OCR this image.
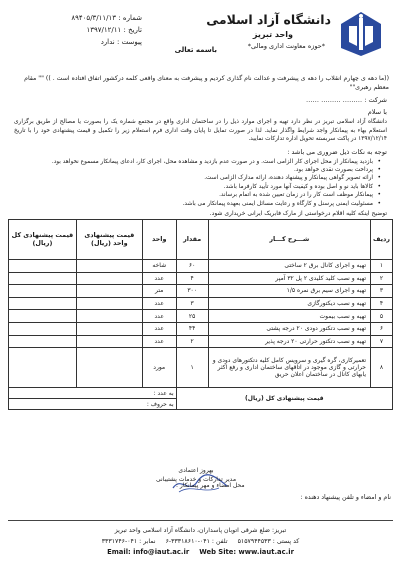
دانشگاه آزاد اسلامی
واحد تبریز
*حوزه معاونت اداری ومالی*
باسمه تعالی
شماره : ۸۹۴۰۵/۳/۱۱/۱۳
تاریخ : ۱۳۹۷/۱۲/۱۱
پیوست : ندارد
((ما دهه ی چهارم انقلاب را دهه ی پیشرفت و عدالت نام گذاری کردیم و پیشرفت به معنای واقعی کلمه درکشور اتفاق افتاده است . )) "" مقام معظم رهبری""
شرکت : ……… ……… ……
با سلام
دانشگاه آزاد اسلامی تبریز در نظر دارد تهیه و اجرای موارد ذیل را در ساختمان اداری واقع در مجتمع شماره یک را بصورت یا مصالح از طریق برگزاری استعلام بهاء به پیمانکار واجد شرایط واگذار نماید. لذا در صورت تمایل تا پایان وقت اداری فرم استعلام زیر را تکمیل و قیمت پیشنهادی خود را با تاریخ ۱۳۹۷/۱۲/۱۴ در پاکت سربسته تحویل اداره تدارکات نمایید.
توجه به نکات ذیل ضروری می باشد :
• بازدید پیمانکار از محل اجرای کار الزامی است. و در صورت عدم بازدید و مشاهده محل، اجرای کار، ادعای پیمانکار مسموع نخواهد بود.
• پرداخت بصورت نقدی خواهد بود.
• ارائه تصویر گواهی پیمانکار و پیشنهاد دهنده، ارائه مدارک الزامی است.
• کالاها باید نو و اصل بوده و کیفیت آنها مورد تأیید کارفرما باشد.
• پیمانکار موظف است کار را در زمان تعیین شده به اتمام برساند.
• مسئولیت ایمنی پرسنل و کارگاه و رعایت مسائل ایمنی بعهده پیمانکار می باشد.
توضیح اینکه کلیه اقلام درخواستی از مارک فابریک ایرانی خریداری شود.
ردیف	شـــرح کـــار	مقدار	واحد	قیمت پیشنهادی واحد (ریال)	قیمت پیشنهادی کل (ریال)
۱	تهیه و اجرای کانال برق ۲ ساختی	۶۰	شاخه		
۲	تهیه و نصب کلید کلیدی ۲ پل ۳۲ آمپر	۴	عدد		
۳	تهیه و اجرای سیم برق نمره ۱/۵	۳۰۰	متر		
۴	تهیه و نصب دیکتورگازی	۳	عدد		
۵	تهیه و نصب بیموت	۲۵	عدد		
۶	تهیه و نصب دتکتور دودی ۲۰ درجه پشتی	۴۴	عدد		
۷	تهیه و نصب دتکتور حرارتی ۲۰ درجه پذیر	۲	عدد		
۸	تعمیرکاری، گره گیری و سرویس کامل کلیه دتکتورهای دودی و حرارتی و گازی موجود در اتاقهای ساختمان اداری و رفع اکثر یابهای کانال در ساختمان اعلان حریق	۱	مورد		
قیمت پیشنهادی کل (ریال)			به عدد :		
			به حروف :		
بهروز اعتمادی
مدیر تدارکات و خدمات پشتیبانی
محل امضاء و مهر پیمانکار :
نام و امضاء و تلفن پیشنهاد دهنده :
تبریز: ضلع شرقی اتوبان پاسداران، دانشگاه آزاد اسلامی واحد تبریز
کد پستی : ۵۱۵۷۹۴۴۵۳۳
تلفن : ۰۴۱-۳۳۳۱۸۶۱۰-۶
نمابر : ۰۴۱-۳۳۳۱۷۴۶
Email: info@iaut.ac.ir Web Site: www.iaut.ac.ir
